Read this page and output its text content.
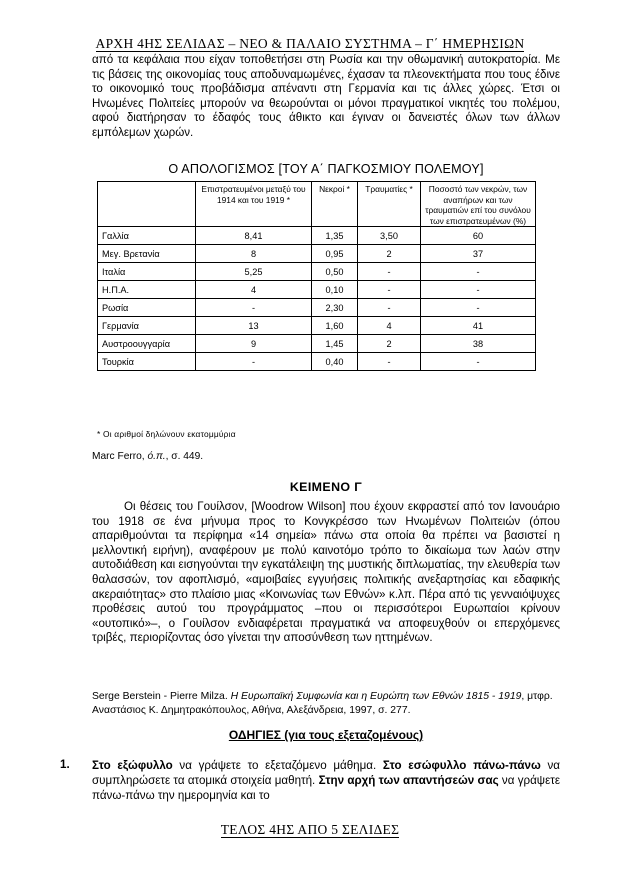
ΑΡΧΗ 4ΗΣ ΣΕΛΙΔΑΣ – ΝΕΟ & ΠΑΛΑΙΟ ΣΥΣΤΗΜΑ – Γ΄ ΗΜΕΡΗΣΙΩΝ
από τα κεφάλαια που είχαν τοποθετήσει στη Ρωσία και την οθωμανική αυτοκρατορία. Με τις βάσεις της οικονομίας τους αποδυναμωμένες, έχασαν τα πλεονεκτήματα που τους έδινε το οικονομικό τους προβάδισμα απέναντι στη Γερμανία και τις άλλες χώρες. Έτσι οι Ηνωμένες Πολιτείες μπορούν να θεωρούνται οι μόνοι πραγματικοί νικητές του πολέμου, αφού διατήρησαν το έδαφός τους άθικτο και έγιναν οι δανειστές όλων των άλλων εμπόλεμων χωρών.
Ο ΑΠΟΛΟΓΙΣΜΟΣ [ΤΟΥ Α΄ ΠΑΓΚΟΣΜΙΟΥ ΠΟΛΕΜΟΥ]
	Επιστρατευμένοι μεταξύ του 1914 και του 1919 *	Νεκροί *	Τραυματίες *	Ποσοστό των νεκρών, των αναπήρων και των τραυματιών επί του συνόλου των επιστρατευμένων (%)
Γαλλία	8,41	1,35	3,50	60
Μεγ. Βρετανία	8	0,95	2	37
Ιταλία	5,25	0,50	-	-
Η.Π.Α.	4	0,10	-	-
Ρωσία	-	2,30	-	-
Γερμανία	13	1,60	4	41
Αυστροουγγαρία	9	1,45	2	38
Τουρκία	-	0,40	-	-
* Οι αριθμοί δηλώνουν εκατομμύρια
Marc Ferro, ό.π., σ. 449.
ΚΕΙΜΕΝΟ Γ
Οι θέσεις του Γουίλσον, [Woodrow Wilson] που έχουν εκφραστεί από τον Ιανουάριο του 1918 σε ένα μήνυμα προς το Κονγκρέσσο των Ηνωμένων Πολιτειών (όπου απαριθμούνται τα περίφημα «14 σημεία» πάνω στα οποία θα πρέπει να βασιστεί η μελλοντική ειρήνη), αναφέρουν με πολύ καινοτόμο τρόπο το δικαίωμα των λαών στην αυτοδιάθεση και εισηγούνται την εγκατάλειψη της μυστικής διπλωματίας, την ελευθερία των θαλασσών, τον αφοπλισμό, «αμοιβαίες εγγυήσεις πολιτικής ανεξαρτησίας και εδαφικής ακεραιότητας» στο πλαίσιο μιας «Κοινωνίας των Εθνών» κ.λπ. Πέρα από τις γενναιόψυχες προθέσεις αυτού του προγράμματος –που οι περισσότεροι Ευρωπαίοι κρίνουν «ουτοπικό»–, ο Γουίλσον ενδιαφέρεται πραγματικά να αποφευχθούν οι επερχόμενες τριβές, περιορίζοντας όσο γίνεται την αποσύνθεση των ηττημένων.
Serge Berstein - Pierre Milza. Η Ευρωπαϊκή Συμφωνία και η Ευρώπη των Εθνών 1815 - 1919, μτφρ. Αναστάσιος Κ. Δημητρακόπουλος, Αθήνα, Αλεξάνδρεια, 1997, σ. 277.
ΟΔΗΓΙΕΣ (για τους εξεταζομένους)
1. Στο εξώφυλλο να γράψετε το εξεταζόμενο μάθημα. Στο εσώφυλλο πάνω-πάνω να συμπληρώσετε τα ατομικά στοιχεία μαθητή. Στην αρχή των απαντήσεών σας να γράψετε πάνω-πάνω την ημερομηνία και το
ΤΕΛΟΣ 4ΗΣ ΑΠΟ 5 ΣΕΛΙΔΕΣ
